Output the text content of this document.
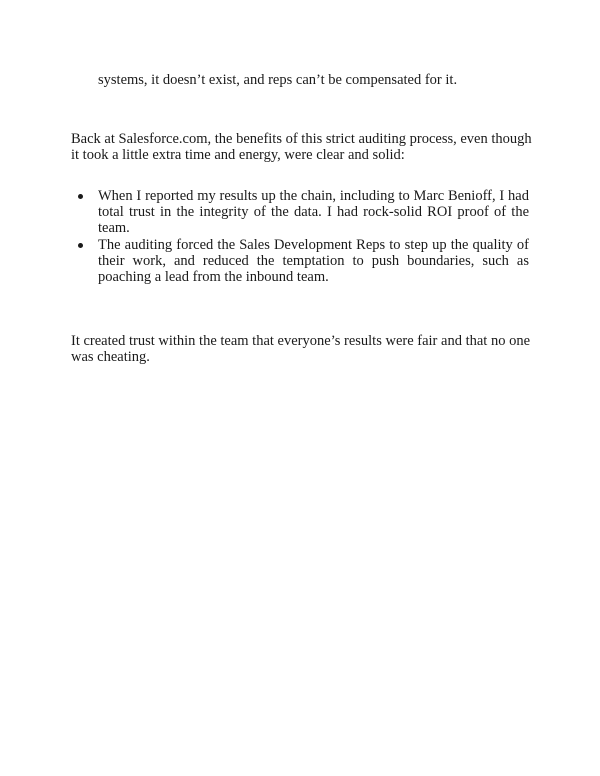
systems, it doesn’t exist, and reps can’t be compensated for it.
Back at Salesforce.com, the benefits of this strict auditing process, even though
it took a little extra time and energy, were clear and solid:
When I reported my results up the chain, including to Marc Benioff, I had
total trust in the integrity of the data. I had rock-solid ROI proof of the
team.
The auditing forced the Sales Development Reps to step up the quality of
their work, and reduced the temptation to push boundaries, such as
poaching a lead from the inbound team.
It created trust within the team that everyone’s results were fair and that no one
was cheating.
